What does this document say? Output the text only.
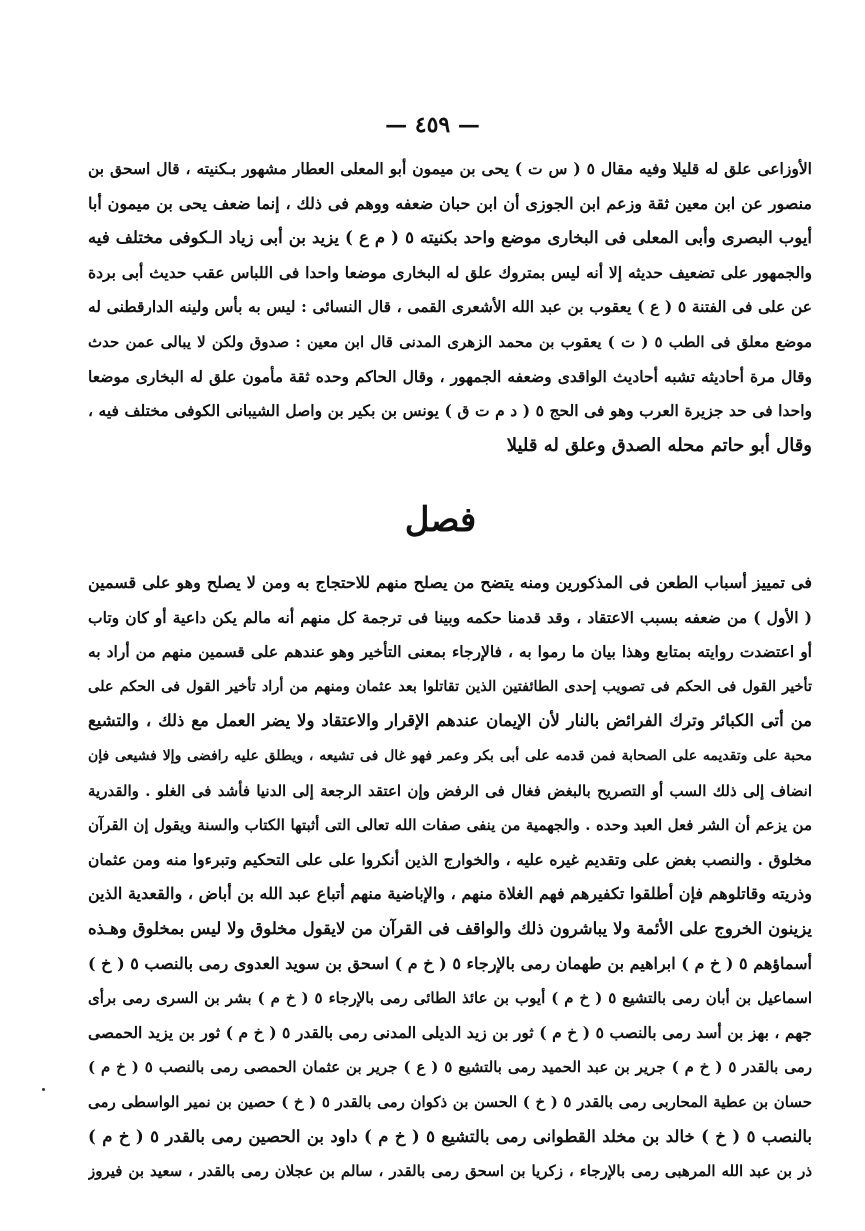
— ٤٥٩ —
الأوزاعى علق له قليلا وفيه مقال ٥ ( س ت ) يحى بن ميمون أبو المعلى العطار مشهور بـكنيته ، قال اسحق بن
منصور عن ابن معين ثقة وزعم ابن الجوزى أن ابن حبان ضعفه ووهم فى ذلك ، إنما ضعف يحى بن ميمون أبا
أيوب البصرى وأبى المعلى فى البخارى موضع واحد بكنيته ٥ ( م ع ) يزيد بن أبى زياد الـكوفى مختلف فيه
والجمهور على تضعيف حديثه إلا أنه ليس بمتروك علق له البخارى موضعا واحدا فى اللباس عقب حديث أبى بردة
عن على فى الفتنة ٥ ( ع ) يعقوب بن عبد الله الأشعرى القمى ، قال النسائى : ليس به بأس ولينه الدارقطنى له
موضع معلق فى الطب ٥ ( ت ) يعقوب بن محمد الزهرى المدنى قال ابن معين : صدوق ولكن لا يبالى عمن حدث
وقال مرة أحاديثه تشبه أحاديث الواقدى وضعفه الجمهور ، وقال الحاكم وحده ثقة مأمون علق له البخارى موضعا
واحدا فى حد جزيرة العرب وهو فى الحج ٥ ( د م ت ق ) يونس بن بكير بن واصل الشيبانى الكوفى مختلف فيه ،
وقال أبو حاتم محله الصدق وعلق له قليلا
فصل
فى تمييز أسباب الطعن فى المذكورين ومنه يتضح من يصلح منهم للاحتجاج به ومن لا يصلح وهو على قسمين
( الأول ) من ضعفه بسبب الاعتقاد ، وقد قدمنا حكمه وبينا فى ترجمة كل منهم أنه مالم يكن داعية أو كان وتاب
أو اعتضدت روايته بمتابع وهذا بيان ما رموا به ، فالإرجاء بمعنى التأخير وهو عندهم على قسمين منهم من أراد به
تأخير القول فى الحكم فى تصويب إحدى الطائفتين الذين تقاتلوا بعد عثمان ومنهم من أراد تأخير القول فى الحكم على
من أتى الكبائر وترك الفرائض بالنار لأن الإيمان عندهم الإقرار والاعتقاد ولا يضر العمل مع ذلك ، والتشيع
محبة على وتقديمه على الصحابة فمن قدمه على أبى بكر وعمر فهو غال فى تشيعه ، ويطلق عليه رافضى وإلا فشيعى فإن
انضاف إلى ذلك السب أو التصريح بالبغض فغال فى الرفض وإن اعتقد الرجعة إلى الدنيا فأشد فى الغلو . والقدرية
من يزعم أن الشر فعل العبد وحده . والجهمية من ينفى صفات الله تعالى التى أثبتها الكتاب والسنة ويقول إن القرآن
مخلوق . والنصب بغض على وتقديم غيره عليه ، والخوارج الذين أنكروا على على التحكيم وتبرءوا منه ومن عثمان
وذريته وقاتلوهم فإن أطلقوا تكفيرهم فهم الغلاة منهم ، والإباضية منهم أتباع عبد الله بن أباض ، والقعدية الذين
يزينون الخروج على الأئمة ولا يباشرون ذلك والواقف فى القرآن من لايقول مخلوق ولا ليس بمخلوق وهـذه
أسماؤهم ٥ ( خ م ) ابراهيم بن طهمان رمى بالإرجاء ٥ ( خ م ) اسحق بن سويد العدوى رمى بالنصب ٥ ( خ )
اسماعيل بن أبان رمى بالتشيع ٥ ( خ م ) أيوب بن عائذ الطائى رمى بالإرجاء ٥ ( خ م ) بشر بن السرى رمى برأى
جهم ، بهز بن أسد رمى بالنصب ٥ ( خ م ) ثور بن زيد الديلى المدنى رمى بالقدر ٥ ( خ م ) ثور بن يزيد الحمصى
رمى بالقدر ٥ ( خ م ) جرير بن عبد الحميد رمى بالتشيع ٥ ( ع ) جرير بن عثمان الحمصى رمى بالنصب ٥ ( خ م )
حسان بن عطية المحاربى رمى بالقدر ٥ ( خ ) الحسن بن ذكوان رمى بالقدر ٥ ( خ ) حصين بن نمير الواسطى رمى
بالنصب ٥ ( خ ) خالد بن مخلد القطوانى رمى بالتشيع ٥ ( خ م ) داود بن الحصين رمى بالقدر ٥ ( خ م )
ذر بن عبد الله المرهبى رمى بالإرجاء ، زكريا بن اسحق رمى بالقدر ، سالم بن عجلان رمى بالقدر ، سعيد بن فيروز
